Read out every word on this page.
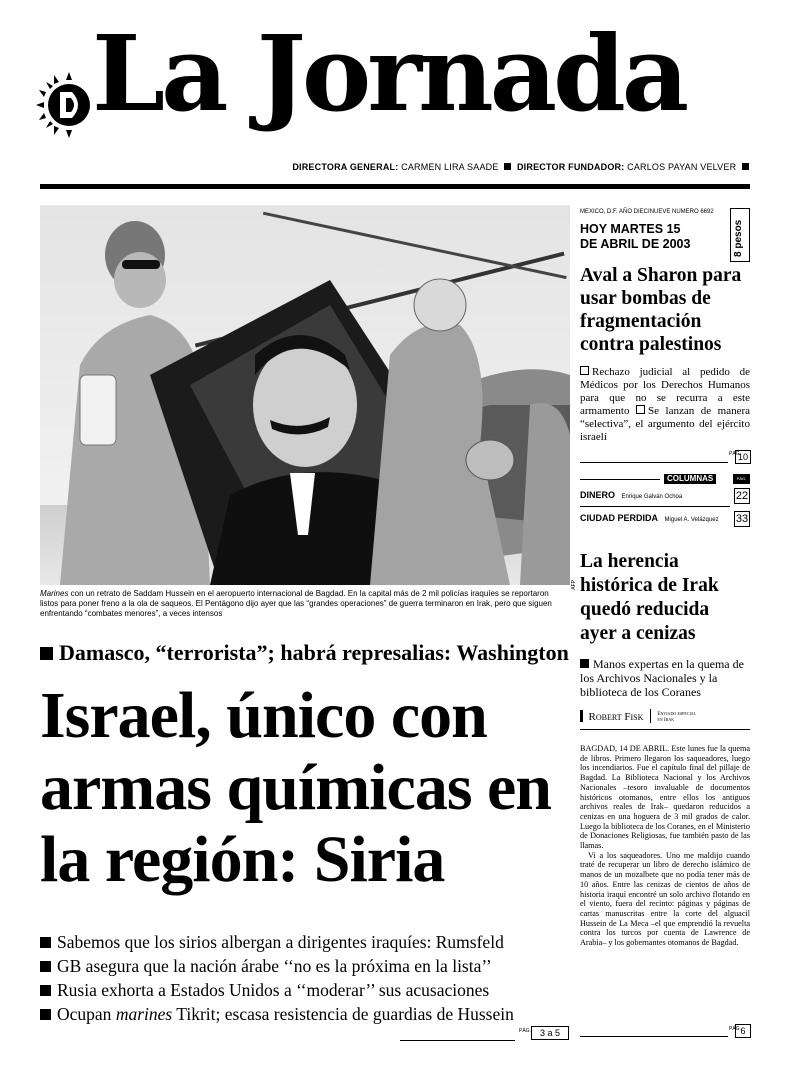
La Jornada
DIRECTORA GENERAL: CARMEN LIRA SAADE DIRECTOR FUNDADOR: CARLOS PAYAN VELVER
AFP
Marines con un retrato de Saddam Hussein en el aeropuerto internacional de Bagdad. En la capital más de 2 mil policías iraquíes se reportaron listos para poner freno a la ola de saqueos. El Pentágono dijo ayer que las “grandes operaciones” de guerra terminaron en Irak, pero que siguen enfrentando “combates menores”, a veces intensos
Damasco, “terrorista”; habrá represalias: Washington
Israel, único con armas químicas en la región: Siria
Sabemos que los sirios albergan a dirigentes iraquíes: Rumsfeld
GB asegura que la nación árabe ‘‘no es la próxima en la lista’’
Rusia exhorta a Estados Unidos a ‘‘moderar’’ sus acusaciones
Ocupan marines Tikrit; escasa resistencia de guardias de Hussein
PÁG.	3 a 5
MEXICO, D.F. AÑO DIECINUEVE NUMERO 6692
HOY MARTES 15
DE ABRIL DE 2003	8 pesos
Aval a Sharon para usar bombas de fragmentación contra palestinos
Rechazo judicial al pedido de Médicos por los Derechos Humanos para que no se recurra a este armamento Se lanzan de manera “selectiva”, el argumento del ejército israelí
PÁG.
10
COLUMNAS	PÁG.
DINERO Enrique Galván Ochoa	22
CIUDAD PERDIDA Miguel A. Velázquez 33
La herencia histórica de Irak quedó reducida ayer a cenizas
Manos expertas en la quema de los Archivos Nacionales y la biblioteca de los Coranes
Robert Fisk	Enviado especial
en Irak

BAGDAD, 14 DE ABRIL. Este lunes fue la quema de libros. Primero llegaron los saqueadores, luego los incendiarios. Fue el capítulo final del pillaje de Bagdad. La Biblioteca Nacional y los Archivos Nacionales –tesoro invaluable de documentos históricos otomanos, entre ellos los antiguos archivos reales de Irak– quedaron reducidos a cenizas en una hoguera de 3 mil grados de calor. Luego la biblioteca de los Coranes, en el Ministerio de Donaciones Religiosas, fue también pasto de las llamas.

Vi a los saqueadores. Uno me maldijo cuando traté de recuperar un libro de derecho islámico de manos de un mozalbete que no podía tener más de 10 años. Entre las cenizas de cientos de años de historia iraquí encontré un solo archivo flotando en el viento, fuera del recinto: páginas y páginas de cartas manuscritas entre la corte del alguacil Hussein de La Meca –el que emprendió la revuelta contra los turcos por cuenta de Lawrence de Arabia– y los gobernantes otomanos de Bagdad.

PÁG. 6
